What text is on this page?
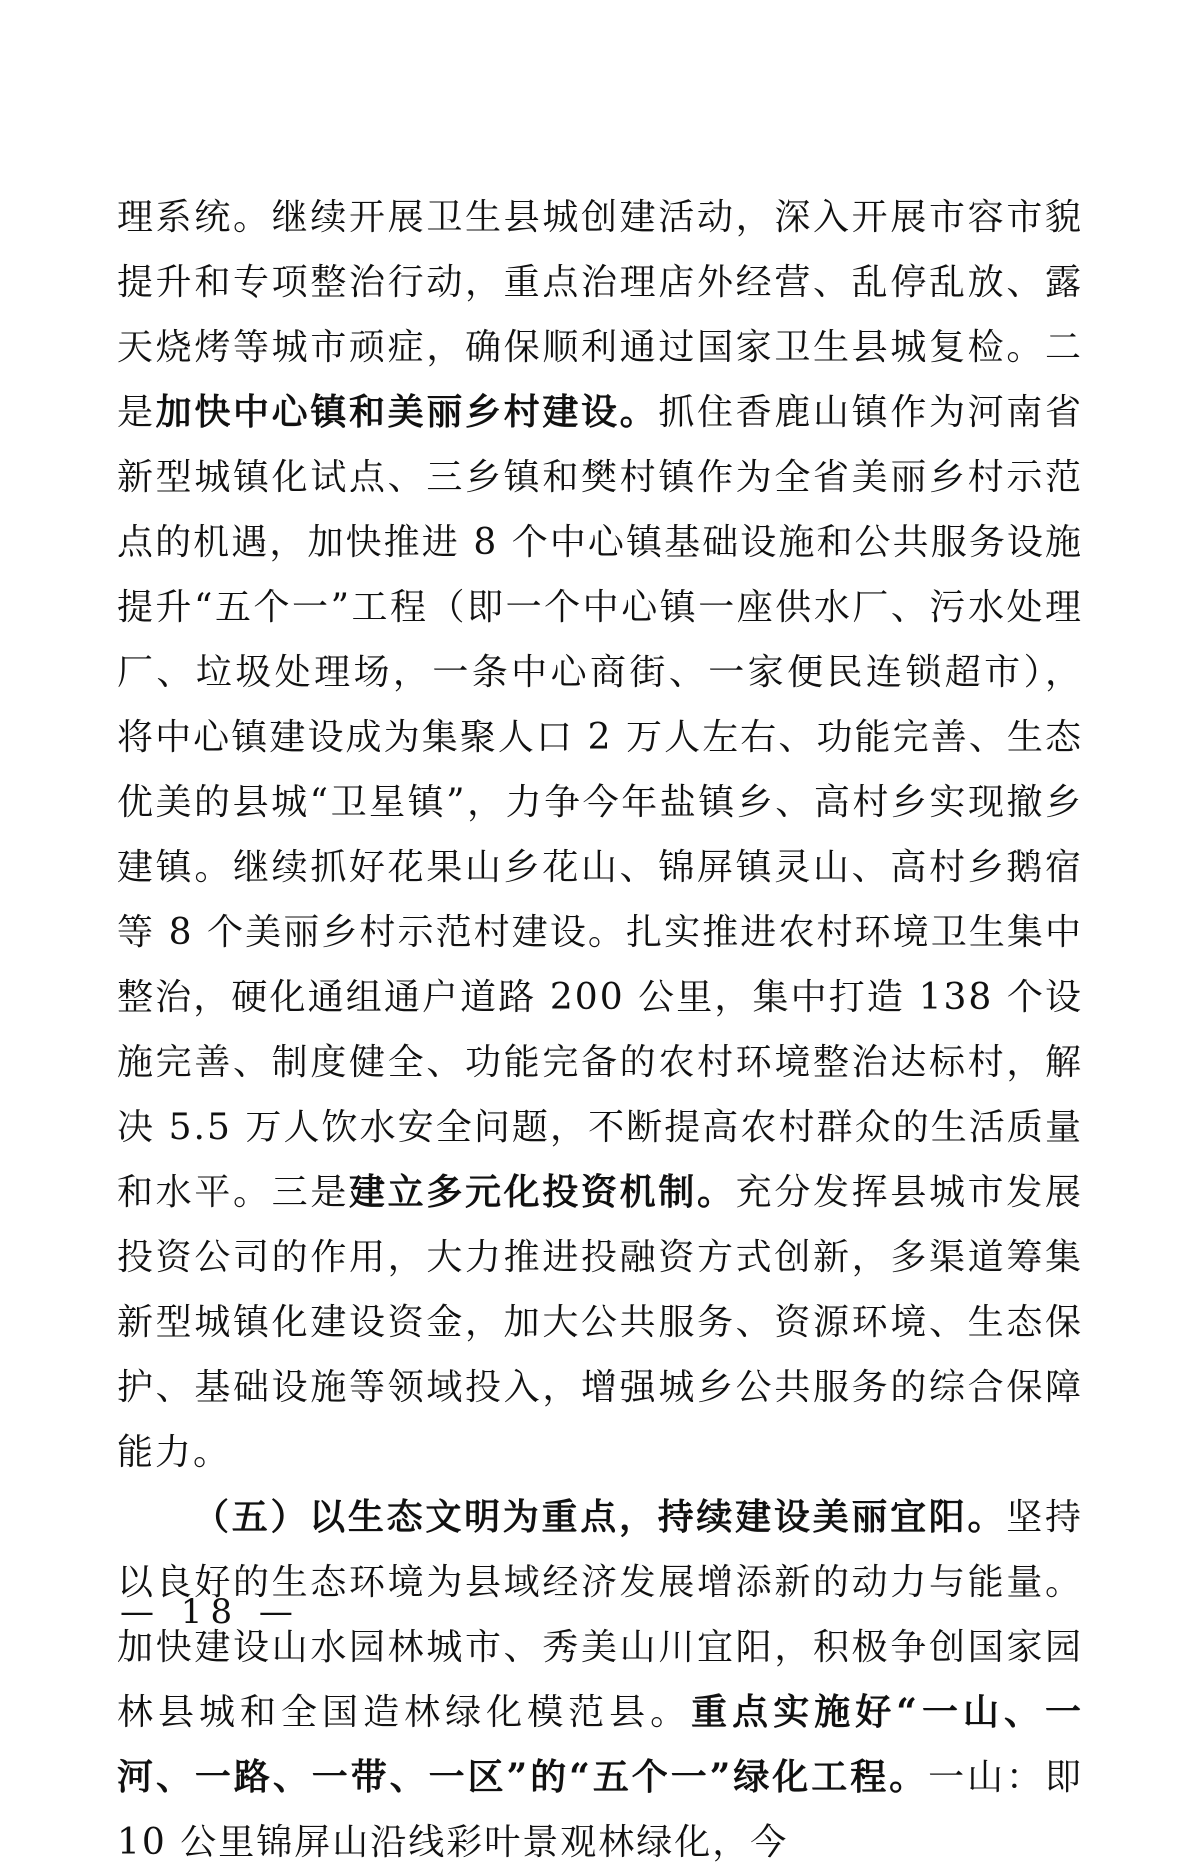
理系统。继续开展卫生县城创建活动，深入开展市容市貌提升和专项整治行动，重点治理店外经营、乱停乱放、露天烧烤等城市顽症，确保顺利通过国家卫生县城复检。二是加快中心镇和美丽乡村建设。抓住香鹿山镇作为河南省新型城镇化试点、三乡镇和樊村镇作为全省美丽乡村示范点的机遇，加快推进 8 个中心镇基础设施和公共服务设施提升“五个一”工程（即一个中心镇一座供水厂、污水处理厂、垃圾处理场，一条中心商街、一家便民连锁超市），将中心镇建设成为集聚人口 2 万人左右、功能完善、生态优美的县城“卫星镇”，力争今年盐镇乡、高村乡实现撤乡建镇。继续抓好花果山乡花山、锦屏镇灵山、高村乡鹅宿等 8 个美丽乡村示范村建设。扎实推进农村环境卫生集中整治，硬化通组通户道路 200 公里，集中打造 138 个设施完善、制度健全、功能完备的农村环境整治达标村，解决 5.5 万人饮水安全问题，不断提高农村群众的生活质量和水平。三是建立多元化投资机制。充分发挥县城市发展投资公司的作用，大力推进投融资方式创新，多渠道筹集新型城镇化建设资金，加大公共服务、资源环境、生态保护、基础设施等领域投入，增强城乡公共服务的综合保障能力。

（五）以生态文明为重点，持续建设美丽宜阳。坚持以良好的生态环境为县域经济发展增添新的动力与能量。加快建设山水园林城市、秀美山川宜阳，积极争创国家园林县城和全国造林绿化模范县。重点实施好“一山、一河、一路、一带、一区”的“五个一”绿化工程。一山：即 10 公里锦屏山沿线彩叶景观林绿化，今

— 18 —
